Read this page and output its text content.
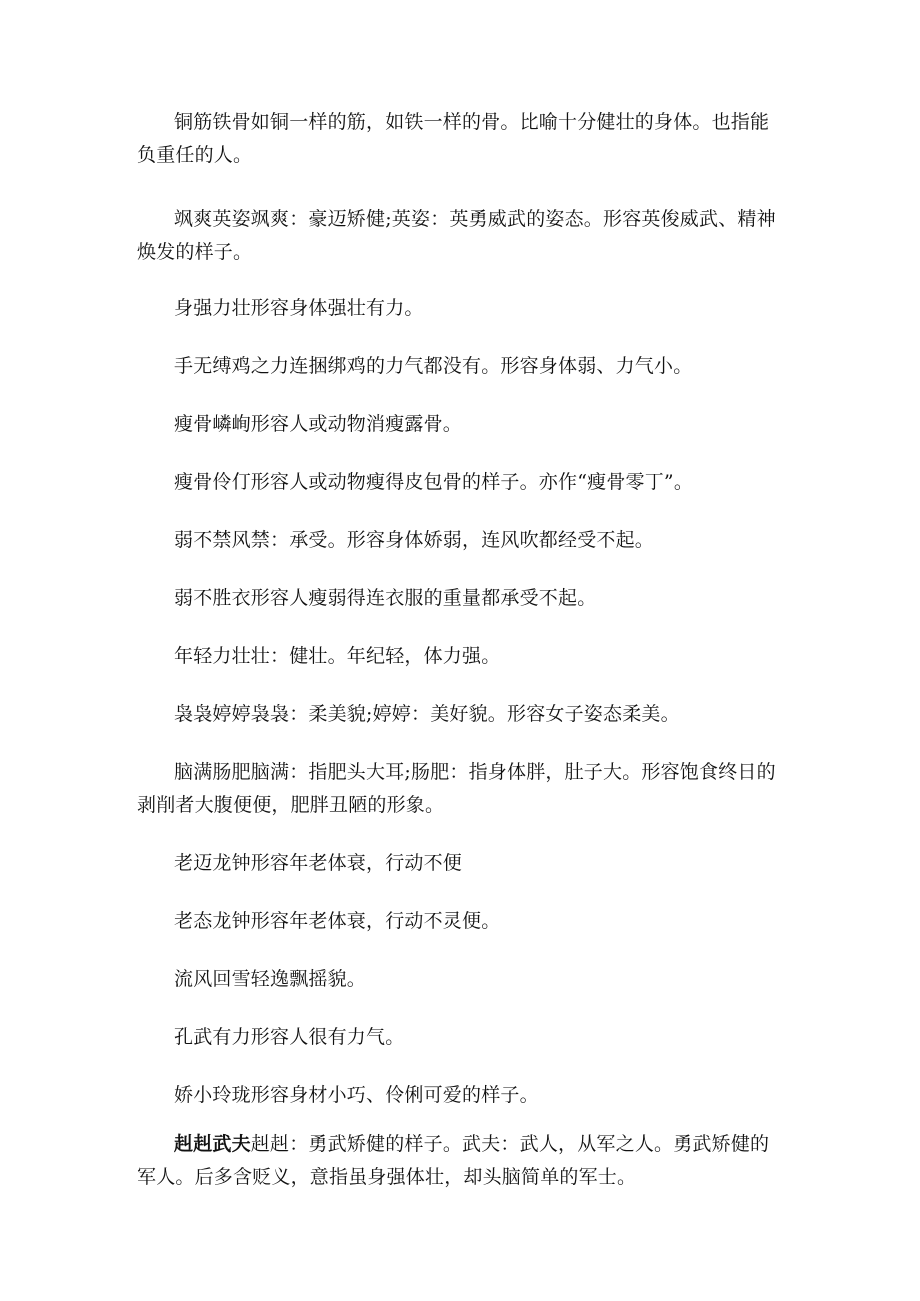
铜筋铁骨如铜一样的筋，如铁一样的骨。比喻十分健壮的身体。也指能负重任的人。

飒爽英姿飒爽：豪迈矫健;英姿：英勇威武的姿态。形容英俊威武、精神焕发的样子。

身强力壮形容身体强壮有力。

手无缚鸡之力连捆绑鸡的力气都没有。形容身体弱、力气小。

瘦骨嶙峋形容人或动物消瘦露骨。

瘦骨伶仃形容人或动物瘦得皮包骨的样子。亦作“瘦骨零丁”。

弱不禁风禁：承受。形容身体娇弱，连风吹都经受不起。

弱不胜衣形容人瘦弱得连衣服的重量都承受不起。

年轻力壮壮：健壮。年纪轻，体力强。

袅袅婷婷袅袅：柔美貌;婷婷：美好貌。形容女子姿态柔美。

脑满肠肥脑满：指肥头大耳;肠肥：指身体胖，肚子大。形容饱食终日的剥削者大腹便便，肥胖丑陋的形象。

老迈龙钟形容年老体衰，行动不便

老态龙钟形容年老体衰，行动不灵便。

流风回雪轻逸飘摇貌。

孔武有力形容人很有力气。

娇小玲珑形容身材小巧、伶俐可爱的样子。

赳赳武夫赳赳：勇武矫健的样子。武夫：武人，从军之人。勇武矫健的军人。后多含贬义，意指虽身强体壮，却头脑简单的军士。
